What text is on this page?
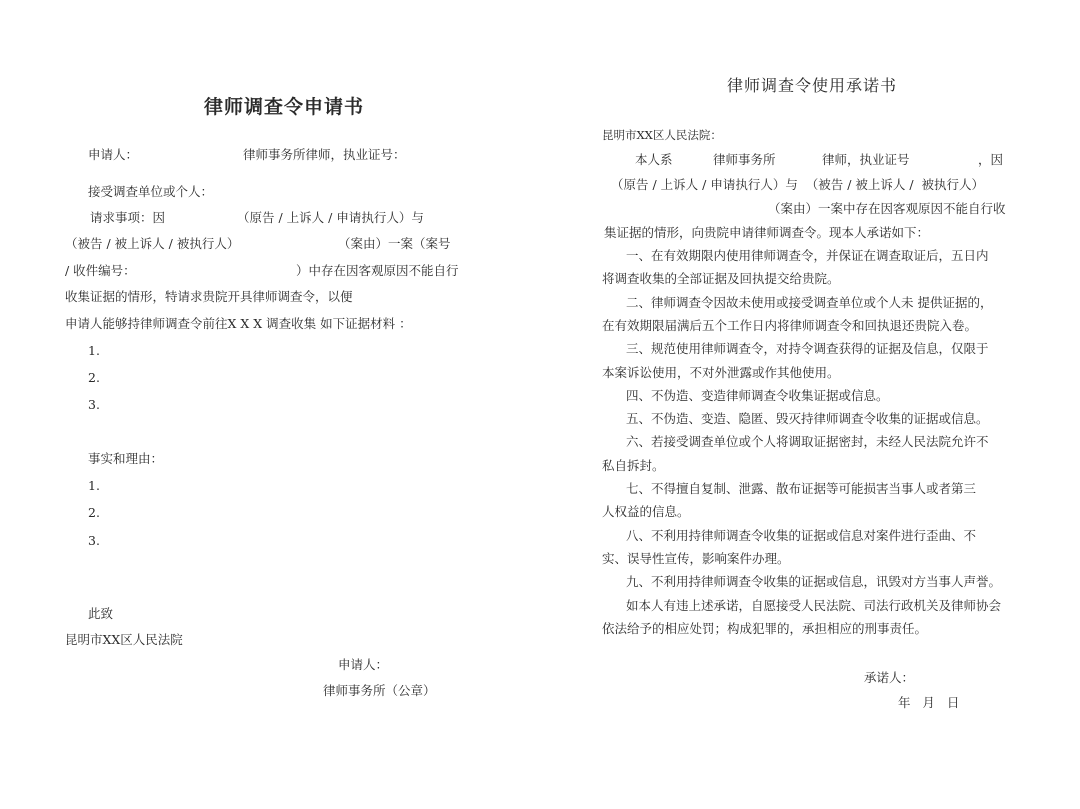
律师调查令申请书
申请人：	律师事务所律师，执业证号：
接受调查单位或个人：
请求事项：因	（原告 / 上诉人 / 申请执行人）与
（被告 / 被上诉人 / 被执行人）	（案由）一案（案号
/ 收件编号：	）中存在因客观原因不能自行
收集证据的情形，特请求贵院开具律师调查令，以便
申请人能够持律师调查令前往X X X 调查收集 如下证据材料 ：
1.
2.
3.
事实和理由：
1.
2.
3.
此致
昆明市XX区人民法院
申请人：
律师事务所（公章）
律师调查令使用承诺书
昆明市XX区人民法院：
本人系	律师事务所	律师，执业证号	，因
（原告 / 上诉人 / 申请执行人）与  （被告 / 被上诉人 /  被执行人）
（案由）一案中存在因客观原因不能自行收
集证据的情形，向贵院申请律师调查令。现本人承诺如下：
一、在有效期限内使用律师调查令，并保证在调查取证后，五日内
将调查收集的全部证据及回执提交给贵院。
二、律师调查令因故未使用或接受调查单位或个人未 提供证据的，
在有效期限届满后五个工作日内将律师调查令和回执退还贵院入卷。
三、规范使用律师调查令，对持令调查获得的证据及信息，仅限于
本案诉讼使用，不对外泄露或作其他使用。
四、不伪造、变造律师调查令收集证据或信息。
五、不伪造、变造、隐匿、毁灭持律师调查令收集的证据或信息。
六、若接受调查单位或个人将调取证据密封，未经人民法院允许不
私自拆封。
七、不得擅自复制、泄露、散布证据等可能损害当事人或者第三
人权益的信息。
八、不利用持律师调查令收集的证据或信息对案件进行歪曲、不
实、误导性宣传，影响案件办理。
九、不利用持律师调查令收集的证据或信息，讯毁对方当事人声誉。
如本人有违上述承诺，自愿接受人民法院、司法行政机关及律师协会
依法给予的相应处罚；构成犯罪的，承担相应的刑事责任。
承诺人：
年   月   日
